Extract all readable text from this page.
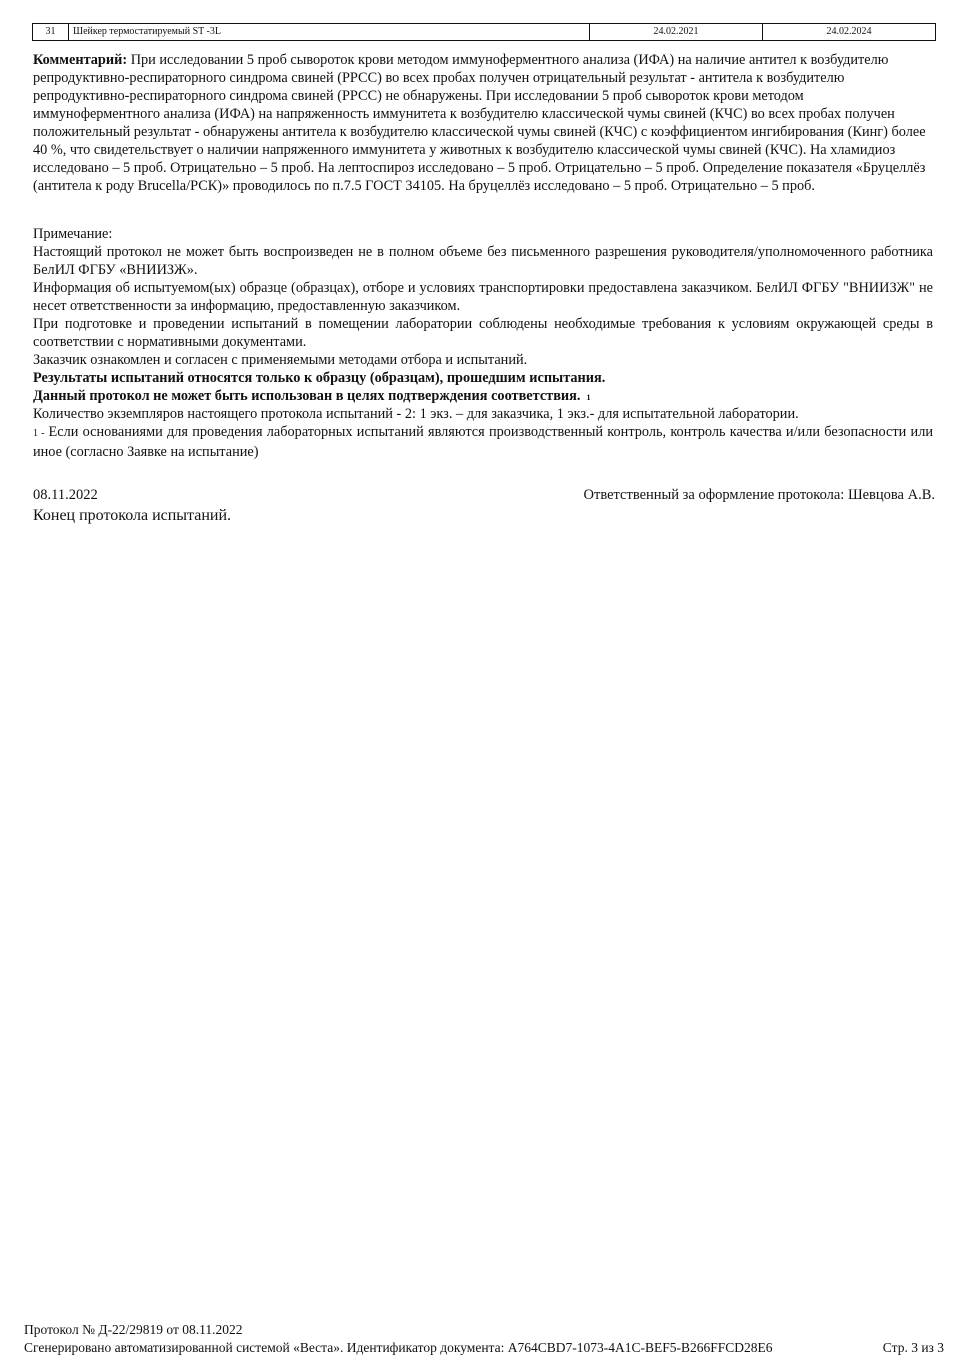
31	Шейкер термостатируемый ST -3L	24.02.2021	24.02.2024

Комментарий: При исследовании 5 проб сывороток крови методом иммуноферментного анализа (ИФА) на наличие антител к возбудителю репродуктивно-респираторного синдрома свиней (РРСС) во всех пробах получен отрицательный результат - антитела к возбудителю репродуктивно-респираторного синдрома свиней (РРСС) не обнаружены. При исследовании 5 проб сывороток крови методом иммуноферментного анализа (ИФА) на напряженность иммунитета к возбудителю классической чумы свиней (КЧС) во всех пробах получен положительный результат - обнаружены антитела к возбудителю классической чумы свиней (КЧС) с коэффициентом ингибирования (Кинг) более 40 %, что свидетельствует о наличии напряженного иммунитета у животных к возбудителю классической чумы свиней (КЧС). На хламидиоз исследовано – 5 проб. Отрицательно – 5 проб. На лептоспироз исследовано – 5 проб. Отрицательно – 5 проб. Определение показателя «Бруцеллёз (антитела к роду Brucella/РСК)» проводилось по п.7.5 ГОСТ 34105. На бруцеллёз исследовано – 5 проб. Отрицательно – 5 проб.

Примечание:

Настоящий протокол не может быть воспроизведен не в полном объеме без письменного разрешения руководителя/уполномоченного работника БелИЛ ФГБУ «ВНИИЗЖ».

Информация об испытуемом(ых) образце (образцах), отборе и условиях транспортировки предоставлена заказчиком. БелИЛ ФГБУ "ВНИИЗЖ" не несет ответственности за информацию, предоставленную заказчиком.

При подготовке и проведении испытаний в помещении лаборатории соблюдены необходимые требования к условиям окружающей среды в соответствии с нормативными документами.

Заказчик ознакомлен и согласен с применяемыми методами отбора и испытаний.

Результаты испытаний относятся только к образцу (образцам), прошедшим испытания.

Данный протокол не может быть использован в целях подтверждения соответствия. $^1$

Количество экземпляров настоящего протокола испытаний - 2: 1 экз. – для заказчика, 1 экз.- для испытательной лаборатории.

1 - Если основаниями для проведения лабораторных испытаний являются производственный контроль, контроль качества и/или безопасности или иное (согласно Заявке на испытание)

08.11.2022	Ответственный за оформление протокола: Шевцова А.В.
Конец протокола испытаний.
Протокол № Д-22/29819 от 08.11.2022
Сгенерировано автоматизированной системой «Веста». Идентификатор документа: A764CBD7-1073-4A1C-BEF5-B266FFCD28E6	Стр. 3 из 3
